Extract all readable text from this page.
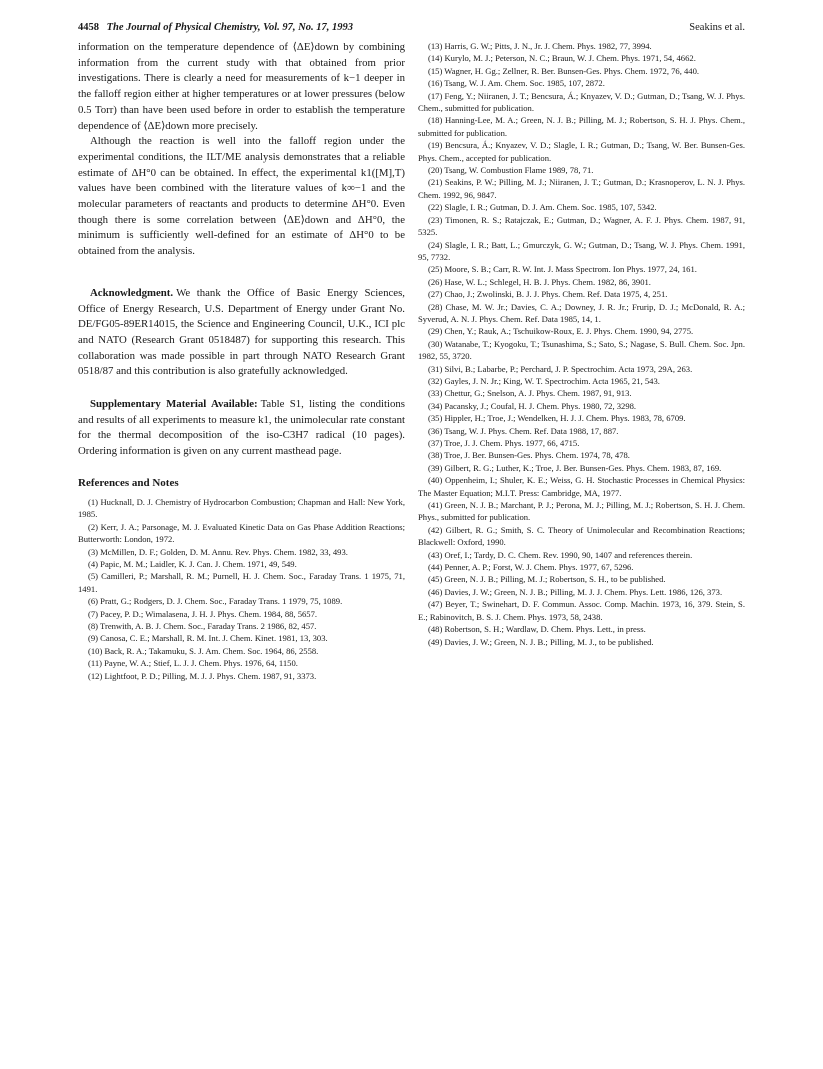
4458 The Journal of Physical Chemistry, Vol. 97, No. 17, 1993	Seakins et al.

information on the temperature dependence of ⟨ΔE⟩down by combining information from the current study with that obtained from prior investigations. There is clearly a need for measurements of k−1 deeper in the falloff region either at higher temperatures or at lower pressures (below 0.5 Torr) than have been used before in order to establish the temperature dependence of ⟨ΔE⟩down more precisely.

Although the reaction is well into the falloff region under the experimental conditions, the ILT/ME analysis demonstrates that a reliable estimate of ΔH°0 can be obtained. In effect, the experimental k1([M],T) values have been combined with the literature values of k∞−1 and the molecular parameters of reactants and products to determine ΔH°0. Even though there is some correlation between ⟨ΔE⟩down and ΔH°0, the minimum is sufficiently well-defined for an estimate of ΔH°0 to be obtained from the analysis.

Acknowledgment. We thank the Office of Basic Energy Sciences, Office of Energy Research, U.S. Department of Energy under Grant No. DE/FG05-89ER14015, the Science and Engineering Council, U.K., ICI plc and NATO (Research Grant 0518487) for supporting this research. This collaboration was made possible in part through NATO Research Grant 0518/87 and this contribution is also gratefully acknowledged.

Supplementary Material Available: Table S1, listing the conditions and results of all experiments to measure k1, the unimolecular rate constant for the thermal decomposition of the iso-C3H7 radical (10 pages). Ordering information is given on any current masthead page.

References and Notes
(1) Hucknall, D. J. Chemistry of Hydrocarbon Combustion; Chapman and Hall: New York, 1985.
(2) Kerr, J. A.; Parsonage, M. J. Evaluated Kinetic Data on Gas Phase Addition Reactions; Butterworth: London, 1972.
(3) McMillen, D. F.; Golden, D. M. Annu. Rev. Phys. Chem. 1982, 33, 493.
(4) Papic, M. M.; Laidler, K. J. Can. J. Chem. 1971, 49, 549.
(5) Camilleri, P.; Marshall, R. M.; Purnell, H. J. Chem. Soc., Faraday Trans. 1 1975, 71, 1491.
(6) Pratt, G.; Rodgers, D. J. Chem. Soc., Faraday Trans. 1 1979, 75, 1089.
(7) Pacey, P. D.; Wimalasena, J. H. J. Phys. Chem. 1984, 88, 5657.
(8) Trenwith, A. B. J. Chem. Soc., Faraday Trans. 2 1986, 82, 457.
(9) Canosa, C. E.; Marshall, R. M. Int. J. Chem. Kinet. 1981, 13, 303.
(10) Back, R. A.; Takamuku, S. J. Am. Chem. Soc. 1964, 86, 2558.
(11) Payne, W. A.; Stief, L. J. J. Chem. Phys. 1976, 64, 1150.
(12) Lightfoot, P. D.; Pilling, M. J. J. Phys. Chem. 1987, 91, 3373.
(13) Harris, G. W.; Pitts, J. N., Jr. J. Chem. Phys. 1982, 77, 3994.
(14) Kurylo, M. J.; Peterson, N. C.; Braun, W. J. Chem. Phys. 1971, 54, 4662.
(15) Wagner, H. Gg.; Zellner, R. Ber. Bunsen-Ges. Phys. Chem. 1972, 76, 440.
(16) Tsang, W. J. Am. Chem. Soc. 1985, 107, 2872.
(17) Feng, Y.; Niiranen, J. T.; Bencsura, Á.; Knyazev, V. D.; Gutman, D.; Tsang, W. J. Phys. Chem., submitted for publication.
(18) Hanning-Lee, M. A.; Green, N. J. B.; Pilling, M. J.; Robertson, S. H. J. Phys. Chem., submitted for publication.
(19) Bencsura, Á.; Knyazev, V. D.; Slagle, I. R.; Gutman, D.; Tsang, W. Ber. Bunsen-Ges. Phys. Chem., accepted for publication.
(20) Tsang, W. Combustion Flame 1989, 78, 71.
(21) Seakins, P. W.; Pilling, M. J.; Niiranen, J. T.; Gutman, D.; Krasnoperov, L. N. J. Phys. Chem. 1992, 96, 9847.
(22) Slagle, I. R.; Gutman, D. J. Am. Chem. Soc. 1985, 107, 5342.
(23) Timonen, R. S.; Ratajczak, E.; Gutman, D.; Wagner, A. F. J. Phys. Chem. 1987, 91, 5325.
(24) Slagle, I. R.; Batt, L.; Gmurczyk, G. W.; Gutman, D.; Tsang, W. J. Phys. Chem. 1991, 95, 7732.
(25) Moore, S. B.; Carr, R. W. Int. J. Mass Spectrom. Ion Phys. 1977, 24, 161.
(26) Hase, W. L.; Schlegel, H. B. J. Phys. Chem. 1982, 86, 3901.
(27) Chao, J.; Zwolinski, B. J. J. Phys. Chem. Ref. Data 1975, 4, 251.
(28) Chase, M. W. Jr.; Davies, C. A.; Downey, J. R. Jr.; Frurip, D. J.; McDonald, R. A.; Syverud, A. N. J. Phys. Chem. Ref. Data 1985, 14, 1.
(29) Chen, Y.; Rauk, A.; Tschuikow-Roux, E. J. Phys. Chem. 1990, 94, 2775.
(30) Watanabe, T.; Kyogoku, T.; Tsunashima, S.; Sato, S.; Nagase, S. Bull. Chem. Soc. Jpn. 1982, 55, 3720.
(31) Silvi, B.; Labarbe, P.; Perchard, J. P. Spectrochim. Acta 1973, 29A, 263.
(32) Gayles, J. N. Jr.; King, W. T. Spectrochim. Acta 1965, 21, 543.
(33) Chettur, G.; Snelson, A. J. Phys. Chem. 1987, 91, 913.
(34) Pacansky, J.; Coufal, H. J. Chem. Phys. 1980, 72, 3298.
(35) Hippler, H.; Troe, J.; Wendelken, H. J. J. Chem. Phys. 1983, 78, 6709.
(36) Tsang, W. J. Phys. Chem. Ref. Data 1988, 17, 887.
(37) Troe, J. J. Chem. Phys. 1977, 66, 4715.
(38) Troe, J. Ber. Bunsen-Ges. Phys. Chem. 1974, 78, 478.
(39) Gilbert, R. G.; Luther, K.; Troe, J. Ber. Bunsen-Ges. Phys. Chem. 1983, 87, 169.
(40) Oppenheim, I.; Shuler, K. E.; Weiss, G. H. Stochastic Processes in Chemical Physics: The Master Equation; M.I.T. Press: Cambridge, MA, 1977.
(41) Green, N. J. B.; Marchant, P. J.; Perona, M. J.; Pilling, M. J.; Robertson, S. H. J. Chem. Phys., submitted for publication.
(42) Gilbert, R. G.; Smith, S. C. Theory of Unimolecular and Recombination Reactions; Blackwell: Oxford, 1990.
(43) Oref, I.; Tardy, D. C. Chem. Rev. 1990, 90, 1407 and references therein.
(44) Penner, A. P.; Forst, W. J. Chem. Phys. 1977, 67, 5296.
(45) Green, N. J. B.; Pilling, M. J.; Robertson, S. H., to be published.
(46) Davies, J. W.; Green, N. J. B.; Pilling, M. J. J. Chem. Phys. Lett. 1986, 126, 373.
(47) Beyer, T.; Swinehart, D. F. Commun. Assoc. Comp. Machin. 1973, 16, 379. Stein, S. E.; Rabinovitch, B. S. J. Chem. Phys. 1973, 58, 2438.
(48) Robertson, S. H.; Wardlaw, D. Chem. Phys. Lett., in press.
(49) Davies, J. W.; Green, N. J. B.; Pilling, M. J., to be published.
